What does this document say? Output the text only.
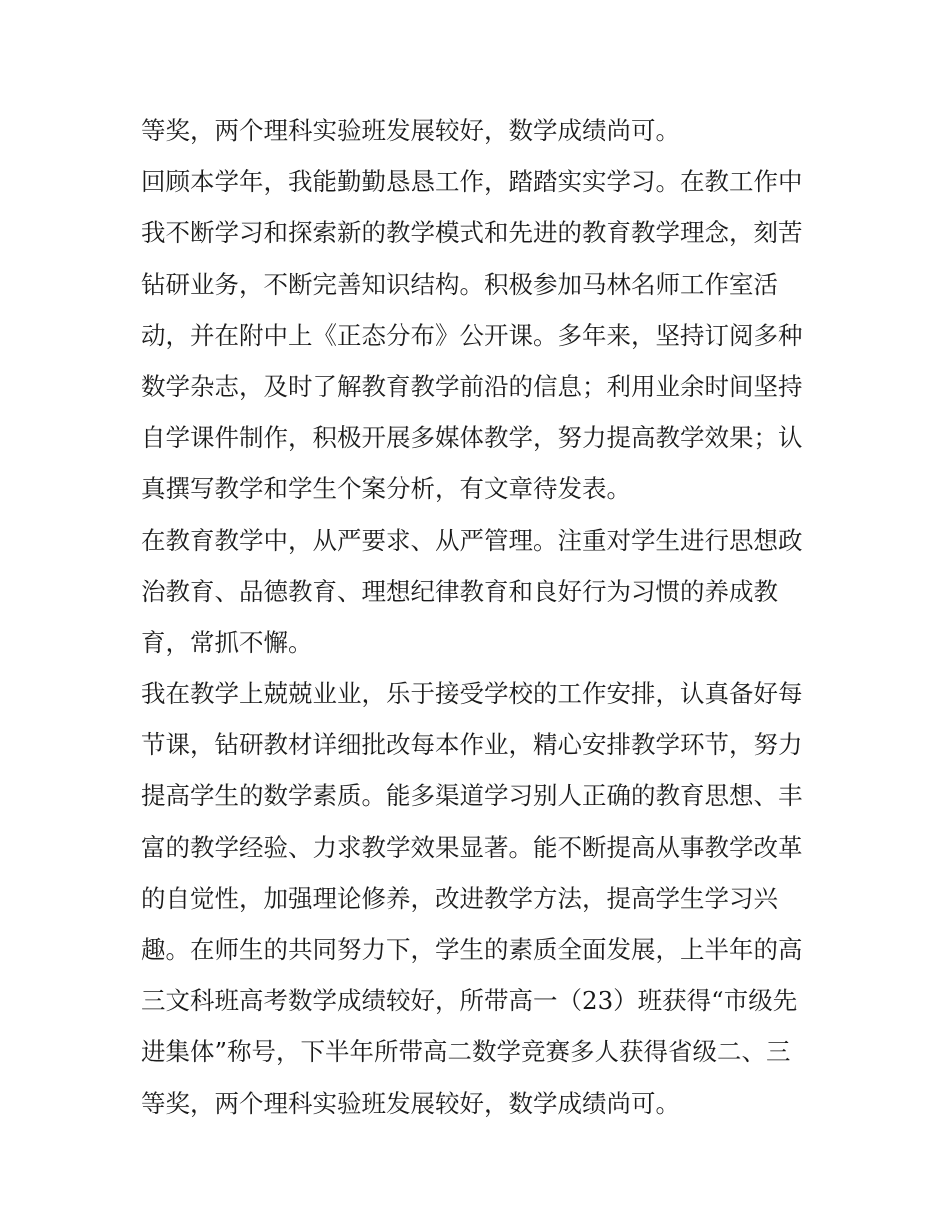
等奖，两个理科实验班发展较好，数学成绩尚可。
回顾本学年，我能勤勤恳恳工作，踏踏实实学习。在教工作中
我不断学习和探索新的教学模式和先进的教育教学理念，刻苦
钻研业务，不断完善知识结构。积极参加马林名师工作室活
动，并在附中上《正态分布》公开课。多年来，坚持订阅多种
数学杂志，及时了解教育教学前沿的信息；利用业余时间坚持
自学课件制作，积极开展多媒体教学，努力提高教学效果；认
真撰写教学和学生个案分析，有文章待发表。
在教育教学中，从严要求、从严管理。注重对学生进行思想政
治教育、品德教育、理想纪律教育和良好行为习惯的养成教
育，常抓不懈。
我在教学上兢兢业业，乐于接受学校的工作安排，认真备好每
节课，钻研教材详细批改每本作业，精心安排教学环节，努力
提高学生的数学素质。能多渠道学习别人正确的教育思想、丰
富的教学经验、力求教学效果显著。能不断提高从事教学改革
的自觉性，加强理论修养，改进教学方法，提高学生学习兴
趣。在师生的共同努力下，学生的素质全面发展，上半年的高
三文科班高考数学成绩较好，所带高一（23）班获得“市级先
进集体”称号，下半年所带高二数学竞赛多人获得省级二、三
等奖，两个理科实验班发展较好，数学成绩尚可。
